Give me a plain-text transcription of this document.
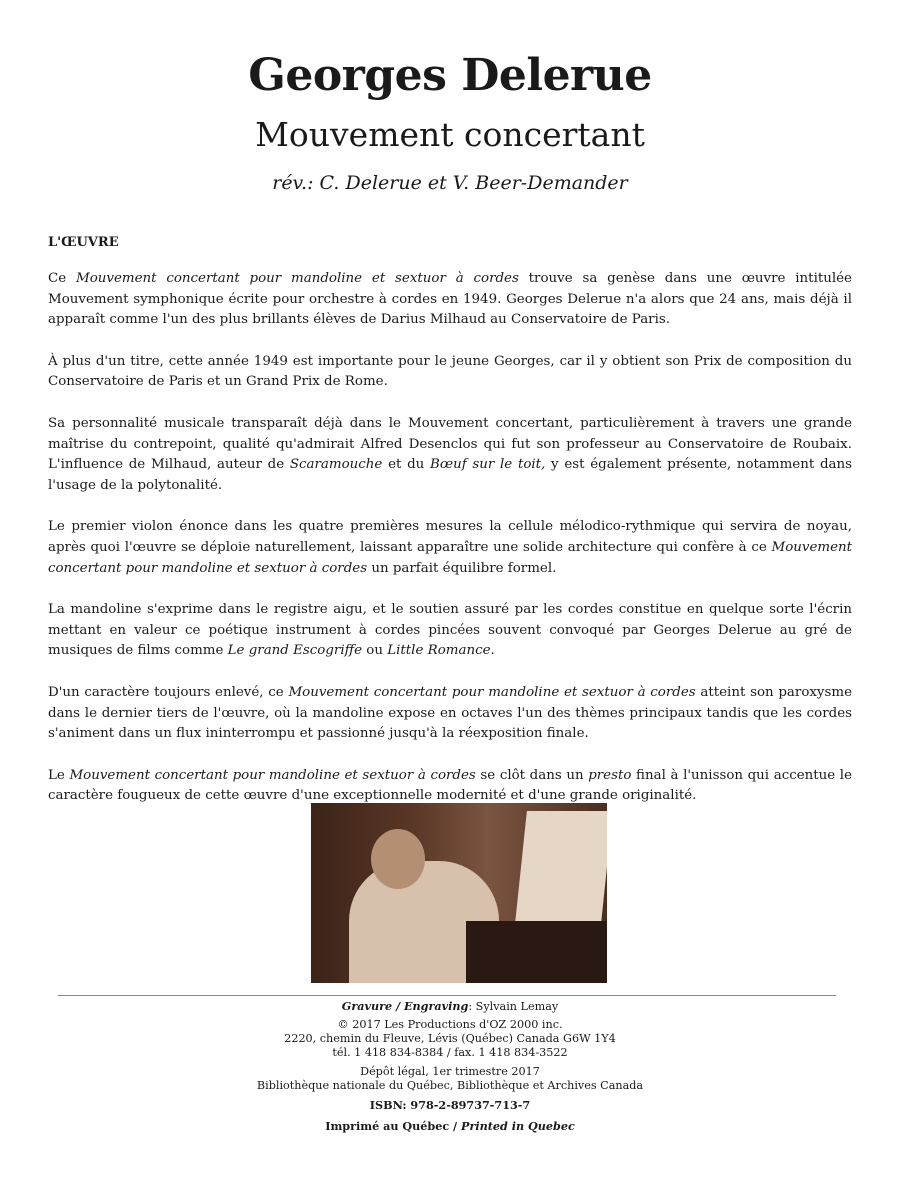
Georges Delerue
Mouvement concertant
rév.: C. Delerue et V. Beer-Demander
L'ŒUVRE

Ce Mouvement concertant pour mandoline et sextuor à cordes trouve sa genèse dans une œuvre intitulée Mouvement symphonique écrite pour orchestre à cordes en 1949. Georges Delerue n'a alors que 24 ans, mais déjà il apparaît comme l'un des plus brillants élèves de Darius Milhaud au Conservatoire de Paris.

À plus d'un titre, cette année 1949 est importante pour le jeune Georges, car il y obtient son Prix de composition du Conservatoire de Paris et un Grand Prix de Rome.

Sa personnalité musicale transparaît déjà dans le Mouvement concertant, particulièrement à travers une grande maîtrise du contrepoint, qualité qu'admirait Alfred Desenclos qui fut son professeur au Conservatoire de Roubaix. L'influence de Milhaud, auteur de Scaramouche et du Bœuf sur le toit, y est également présente, notamment dans l'usage de la polytonalité.

Le premier violon énonce dans les quatre premières mesures la cellule mélodico-rythmique qui servira de noyau, après quoi l'œuvre se déploie naturellement, laissant apparaître une solide architecture qui confère à ce Mouvement concertant pour mandoline et sextuor à cordes un parfait équilibre formel.

La mandoline s'exprime dans le registre aigu, et le soutien assuré par les cordes constitue en quelque sorte l'écrin mettant en valeur ce poétique instrument à cordes pincées souvent convoqué par Georges Delerue au gré de musiques de films comme Le grand Escogriffe ou Little Romance.

D'un caractère toujours enlevé, ce Mouvement concertant pour mandoline et sextuor à cordes atteint son paroxysme dans le dernier tiers de l'œuvre, où la mandoline expose en octaves l'un des thèmes principaux tandis que les cordes s'animent dans un flux ininterrompu et passionné jusqu'à la réexposition finale.

Le Mouvement concertant pour mandoline et sextuor à cordes se clôt dans un presto final à l'unisson qui accentue le caractère fougueux de cette œuvre d'une exceptionnelle modernité et d'une grande originalité.

Gravure / Engraving: Sylvain Lemay
© 2017 Les Productions d'OZ 2000 inc.
2220, chemin du Fleuve, Lévis (Québec) Canada G6W 1Y4
tél. 1 418 834-8384 / fax. 1 418 834-3522
Dépôt légal, 1er trimestre 2017
Bibliothèque nationale du Québec, Bibliothèque et Archives Canada
ISBN: 978-2-89737-713-7
Imprimé au Québec / Printed in Quebec
